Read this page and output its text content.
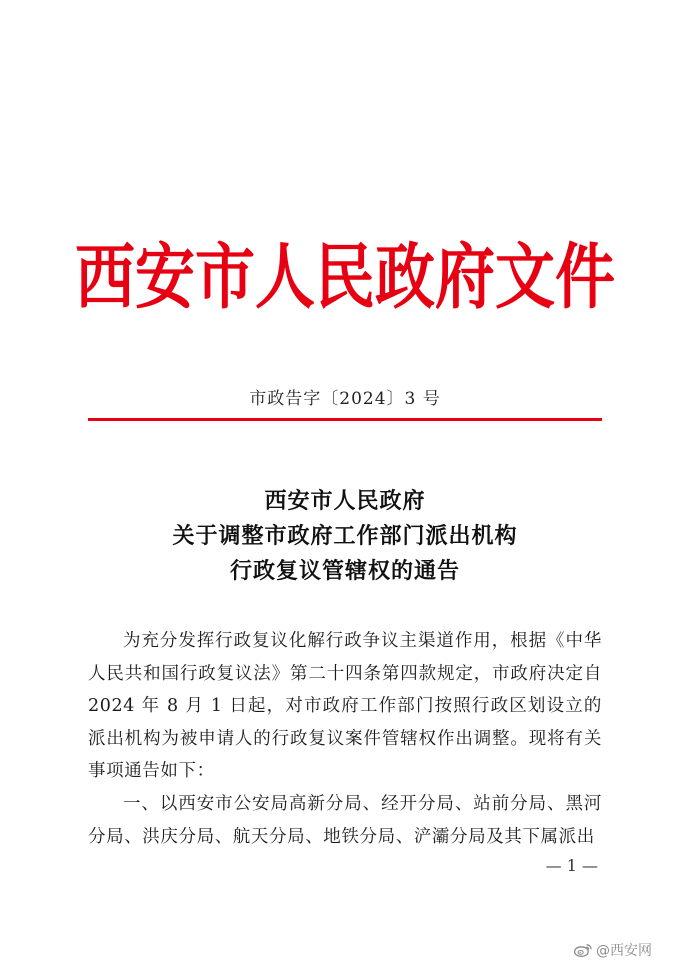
西安市人民政府文件
市政告字〔2024〕3 号
西安市人民政府
关于调整市政府工作部门派出机构
行政复议管辖权的通告

为充分发挥行政复议化解行政争议主渠道作用，根据《中华人民共和国行政复议法》第二十四条第四款规定，市政府决定自2024 年 8 月 1 日起，对市政府工作部门按照行政区划设立的派出机构为被申请人的行政复议案件管辖权作出调整。现将有关事项通告如下：

一、以西安市公安局高新分局、经开分局、站前分局、黑河分局、洪庆分局、航天分局、地铁分局、浐灞分局及其下属派出

— 1 —
@西安网
